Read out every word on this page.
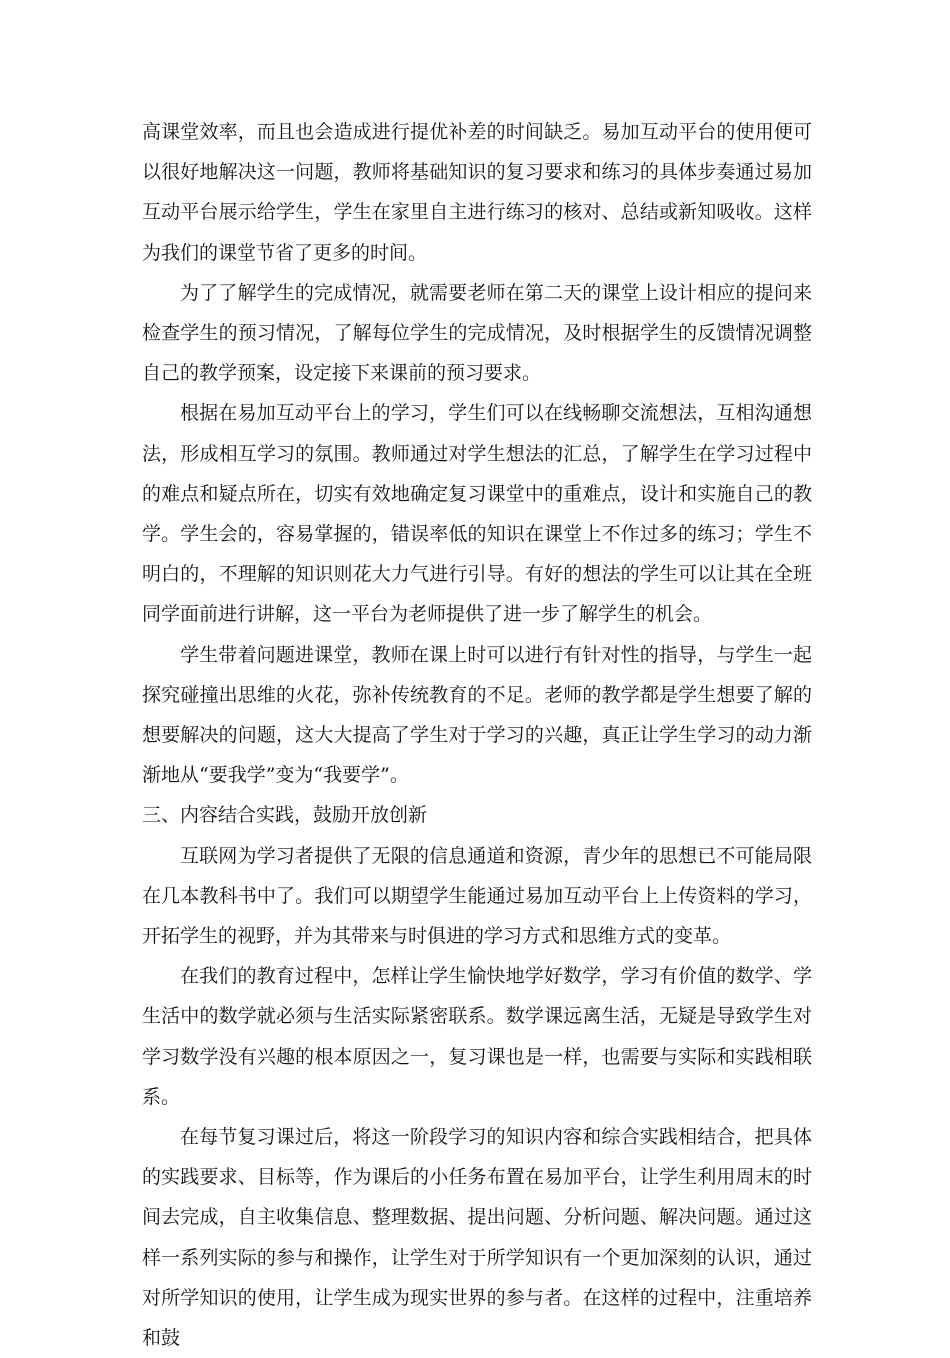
高课堂效率，而且也会造成进行提优补差的时间缺乏。易加互动平台的使用便可以很好地解决这一问题，教师将基础知识的复习要求和练习的具体步奏通过易加互动平台展示给学生，学生在家里自主进行练习的核对、总结或新知吸收。这样为我们的课堂节省了更多的时间。

为了了解学生的完成情况，就需要老师在第二天的课堂上设计相应的提问来检查学生的预习情况，了解每位学生的完成情况，及时根据学生的反馈情况调整自己的教学预案，设定接下来课前的预习要求。

根据在易加互动平台上的学习，学生们可以在线畅聊交流想法，互相沟通想法，形成相互学习的氛围。教师通过对学生想法的汇总，了解学生在学习过程中的难点和疑点所在，切实有效地确定复习课堂中的重难点，设计和实施自己的教学。学生会的，容易掌握的，错误率低的知识在课堂上不作过多的练习；学生不明白的，不理解的知识则花大力气进行引导。有好的想法的学生可以让其在全班同学面前进行讲解，这一平台为老师提供了进一步了解学生的机会。

学生带着问题进课堂，教师在课上时可以进行有针对性的指导，与学生一起探究碰撞出思维的火花，弥补传统教育的不足。老师的教学都是学生想要了解的想要解决的问题，这大大提高了学生对于学习的兴趣，真正让学生学习的动力渐渐地从“要我学”变为“我要学”。

三、内容结合实践，鼓励开放创新

互联网为学习者提供了无限的信息通道和资源，青少年的思想已不可能局限在几本教科书中了。我们可以期望学生能通过易加互动平台上上传资料的学习，开拓学生的视野，并为其带来与时俱进的学习方式和思维方式的变革。

在我们的教育过程中，怎样让学生愉快地学好数学，学习有价值的数学、学生活中的数学就必须与生活实际紧密联系。数学课远离生活，无疑是导致学生对学习数学没有兴趣的根本原因之一，复习课也是一样，也需要与实际和实践相联系。

在每节复习课过后，将这一阶段学习的知识内容和综合实践相结合，把具体的实践要求、目标等，作为课后的小任务布置在易加平台，让学生利用周末的时间去完成，自主收集信息、整理数据、提出问题、分析问题、解决问题。通过这样一系列实际的参与和操作，让学生对于所学知识有一个更加深刻的认识，通过对所学知识的使用，让学生成为现实世界的参与者。在这样的过程中，注重培养和鼓
